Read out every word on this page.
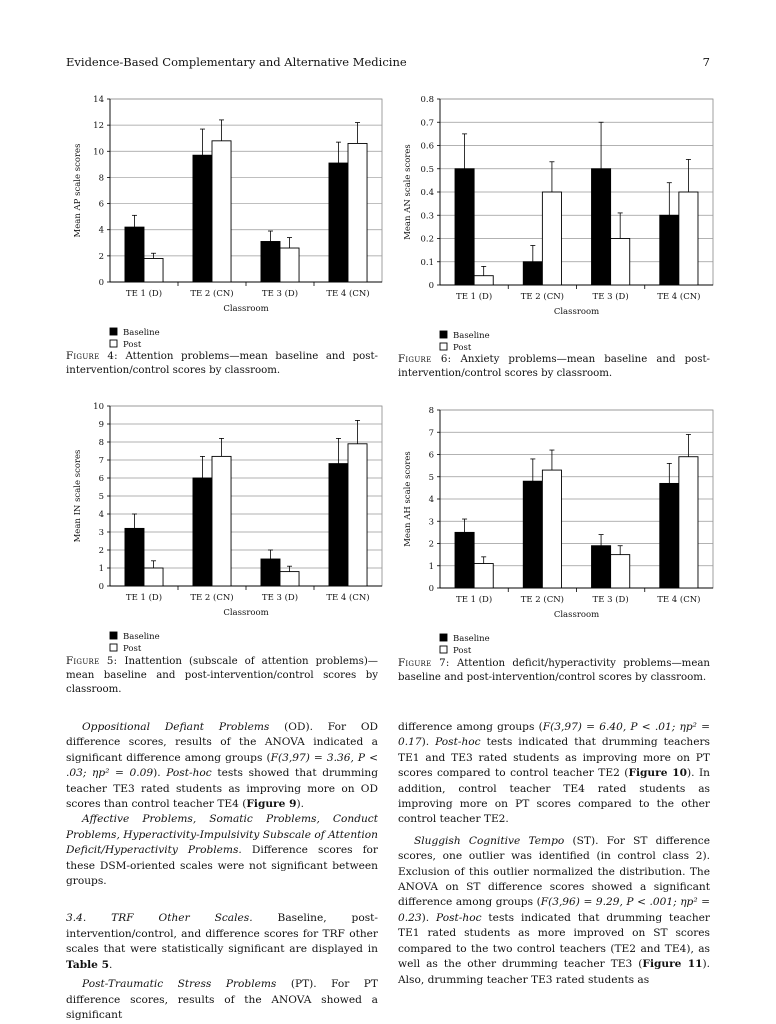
Evidence-Based Complementary and Alternative Medicine	7
0
2
4
6
8
10
12
14
TE 1 (D)	TE 2 (CN)	TE 3 (D)	TE 4 (CN)
Classroom
Mean AP scale scores
Baseline
Post
Figure 4: Attention problems—mean baseline and post-intervention/control scores by classroom.
0
0.1
0.2
0.3
0.4
0.5
0.6
0.7
0.8
TE 1 (D)	TE 2 (CN)	TE 3 (D)	TE 4 (CN)
Classroom
Mean AN scale scores
Baseline
Post
Figure 6: Anxiety problems—mean baseline and post-intervention/control scores by classroom.
0
1
2
3
4
5
6
7
8
9
10
TE 1 (D)	TE 2 (CN)	TE 3 (D)	TE 4 (CN)
Classroom
Mean IN scale scores
Baseline
Post
Figure 5: Inattention (subscale of attention problems)—mean baseline and post-intervention/control scores by classroom.
0
1
2
3
4
5
6
7
8
TE 1 (D)	TE 2 (CN)	TE 3 (D)	TE 4 (CN)
Classroom
Mean AH scale scores
Baseline
Post
Figure 7: Attention deficit/hyperactivity problems—mean baseline and post-intervention/control scores by classroom.

Oppositional Defiant Problems (OD). For OD difference scores, results of the ANOVA indicated a significant difference among groups (F(3,97) = 3.36, P < .03; ηp² = 0.09). Post-hoc tests showed that drumming teacher TE3 rated students as improving more on OD scores than control teacher TE4 (Figure 9).

Affective Problems, Somatic Problems, Conduct Problems, Hyperactivity-Impulsivity Subscale of Attention Deficit/Hyperactivity Problems. Difference scores for these DSM-oriented scales were not significant between groups.

3.4. TRF Other Scales. Baseline, post-intervention/control, and difference scores for TRF other scales that were statistically significant are displayed in Table 5.

Post-Traumatic Stress Problems (PT). For PT difference scores, results of the ANOVA showed a significant

difference among groups (F(3,97) = 6.40, P < .01; ηp² = 0.17). Post-hoc tests indicated that drumming teachers TE1 and TE3 rated students as improving more on PT scores compared to control teacher TE2 (Figure 10). In addition, control teacher TE4 rated students as improving more on PT scores compared to the other control teacher TE2.

Sluggish Cognitive Tempo (ST). For ST difference scores, one outlier was identified (in control class 2). Exclusion of this outlier normalized the distribution. The ANOVA on ST difference scores showed a significant difference among groups (F(3,96) = 9.29, P < .001; ηp² = 0.23). Post-hoc tests indicated that drumming teacher TE1 rated students as more improved on ST scores compared to the two control teachers (TE2 and TE4), as well as the other drumming teacher TE3 (Figure 11). Also, drumming teacher TE3 rated students as
